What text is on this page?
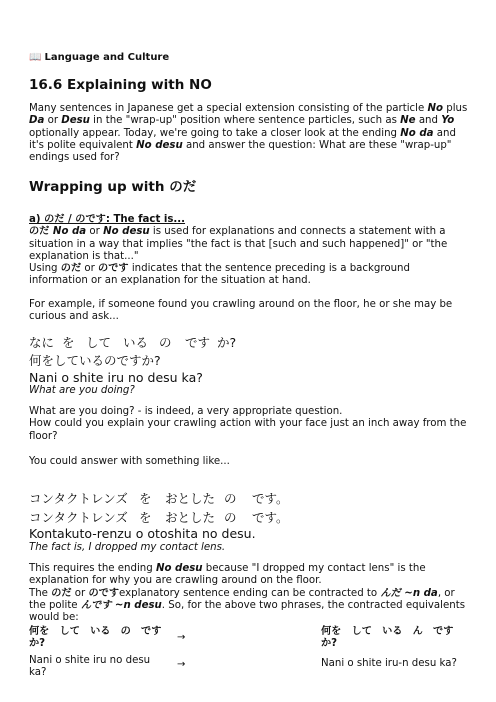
📖 Language and Culture
16.6 Explaining with NO

Many sentences in Japanese get a special extension consisting of the particle No plus Da or Desu in the "wrap-up" position where sentence particles, such as Ne and Yo optionally appear. Today, we're going to take a closer look at the ending No da and it's polite equivalent No desu and answer the question: What are these "wrap-up" endings used for?

Wrapping up with のだ
a) のだ / のです: The fact is...
のだ No da or No desu is used for explanations and connects a statement with a situation in a way that implies "the fact is that [such and such happened]" or "the explanation is that..."
Using のだ or のです indicates that the sentence preceding is a background information or an explanation for the situation at hand.

For example, if someone found you crawling around on the floor, he or she may be curious and ask...

なに を して いる の です か?
何をしているのですか?
Nani o shite iru no desu ka?
What are you doing?

What are you doing? - is indeed, a very appropriate question.
How could you explain your crawling action with your face just an inch away from the floor?

You could answer with something like...

コンタクトレンズ を おとした の です。
コンタクトレンズ を おとした の です。
Kontakuto-renzu o otoshita no desu.
The fact is, I dropped my contact lens.

This requires the ending No desu because "I dropped my contact lens" is the explanation for why you are crawling around on the floor.
The のだ or のですexplanatory sentence ending can be contracted to んだ ~n da, or the polite んです ~n desu. So, for the above two phrases, the contracted equivalents would be:

何を　して　いる　の　です　か?
→
何を　して　いる　ん　です　か?
Nani o shite iru no desu ka?
→	Nani o shite iru-n desu ka?
